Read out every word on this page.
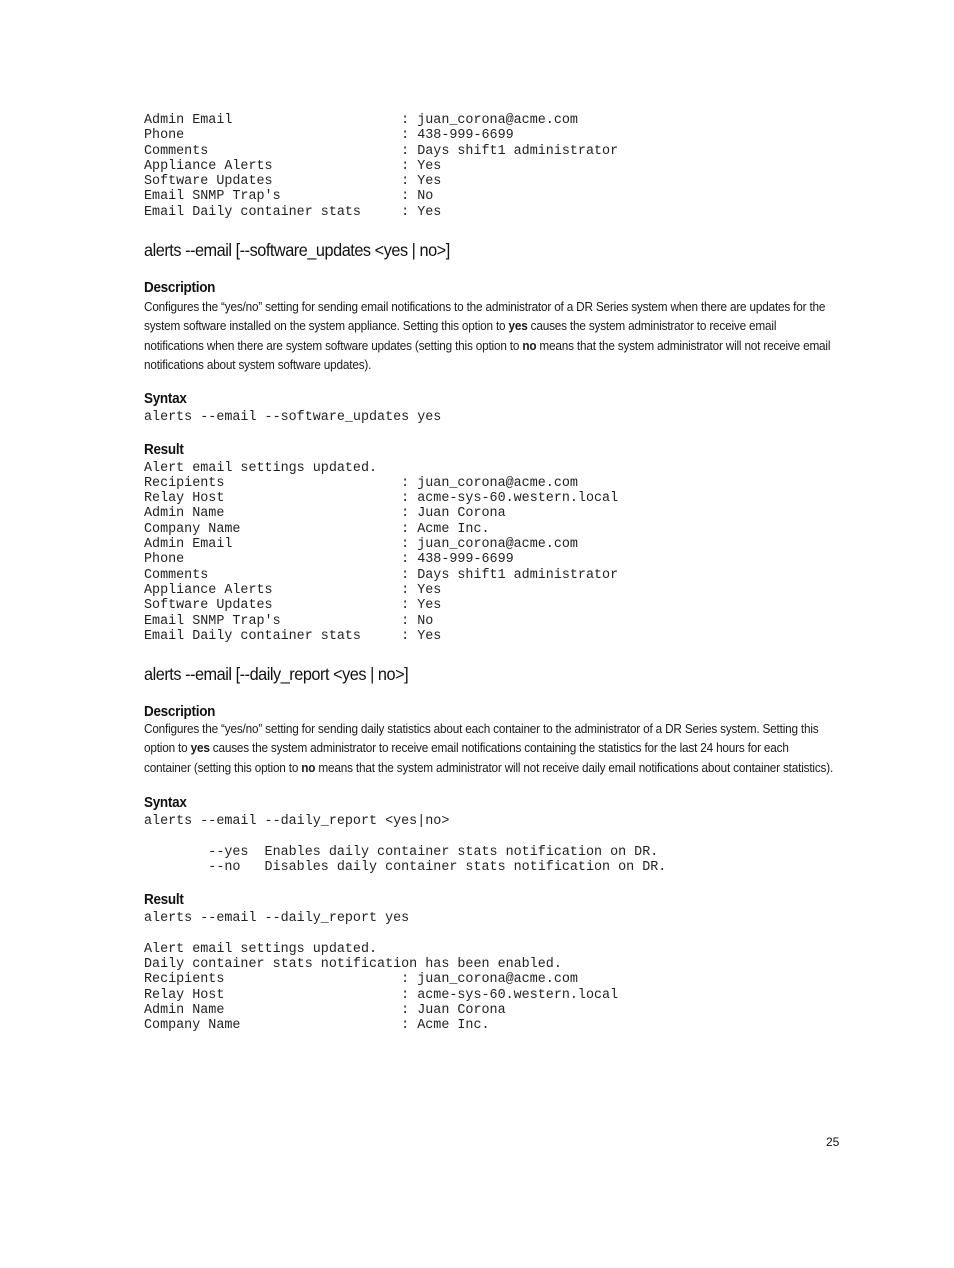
Admin Email                     : juan_corona@acme.com
Phone                           : 438-999-6699
Comments                        : Days shift1 administrator
Appliance Alerts                : Yes
Software Updates                : Yes
Email SNMP Trap's               : No
Email Daily container stats     : Yes
alerts --email [--software_updates <yes | no>]
Description

Configures the “yes/no” setting for sending email notifications to the administrator of a DR Series system when there are updates for the system software installed on the system appliance. Setting this option to yes causes the system administrator to receive email notifications when there are system software updates (setting this option to no means that the system administrator will not receive email notifications about system software updates).

Syntax
alerts --email --software_updates yes
Result
Alert email settings updated.
Recipients                      : juan_corona@acme.com
Relay Host                      : acme-sys-60.western.local
Admin Name                      : Juan Corona
Company Name                    : Acme Inc.
Admin Email                     : juan_corona@acme.com
Phone                           : 438-999-6699
Comments                        : Days shift1 administrator
Appliance Alerts                : Yes
Software Updates                : Yes
Email SNMP Trap's               : No
Email Daily container stats     : Yes
alerts --email [--daily_report <yes | no>]
Description

Configures the “yes/no” setting for sending daily statistics about each container to the administrator of a DR Series system. Setting this option to yes causes the system administrator to receive email notifications containing the statistics for the last 24 hours for each container (setting this option to no means that the system administrator will not receive daily email notifications about container statistics).

Syntax
alerts --email --daily_report <yes|no>

--yes  Enables daily container stats notification on DR.
--no   Disables daily container stats notification on DR.
Result
alerts --email --daily_report yes

Alert email settings updated.
Daily container stats notification has been enabled.
Recipients                      : juan_corona@acme.com
Relay Host                      : acme-sys-60.western.local
Admin Name                      : Juan Corona
Company Name                    : Acme Inc.
25
